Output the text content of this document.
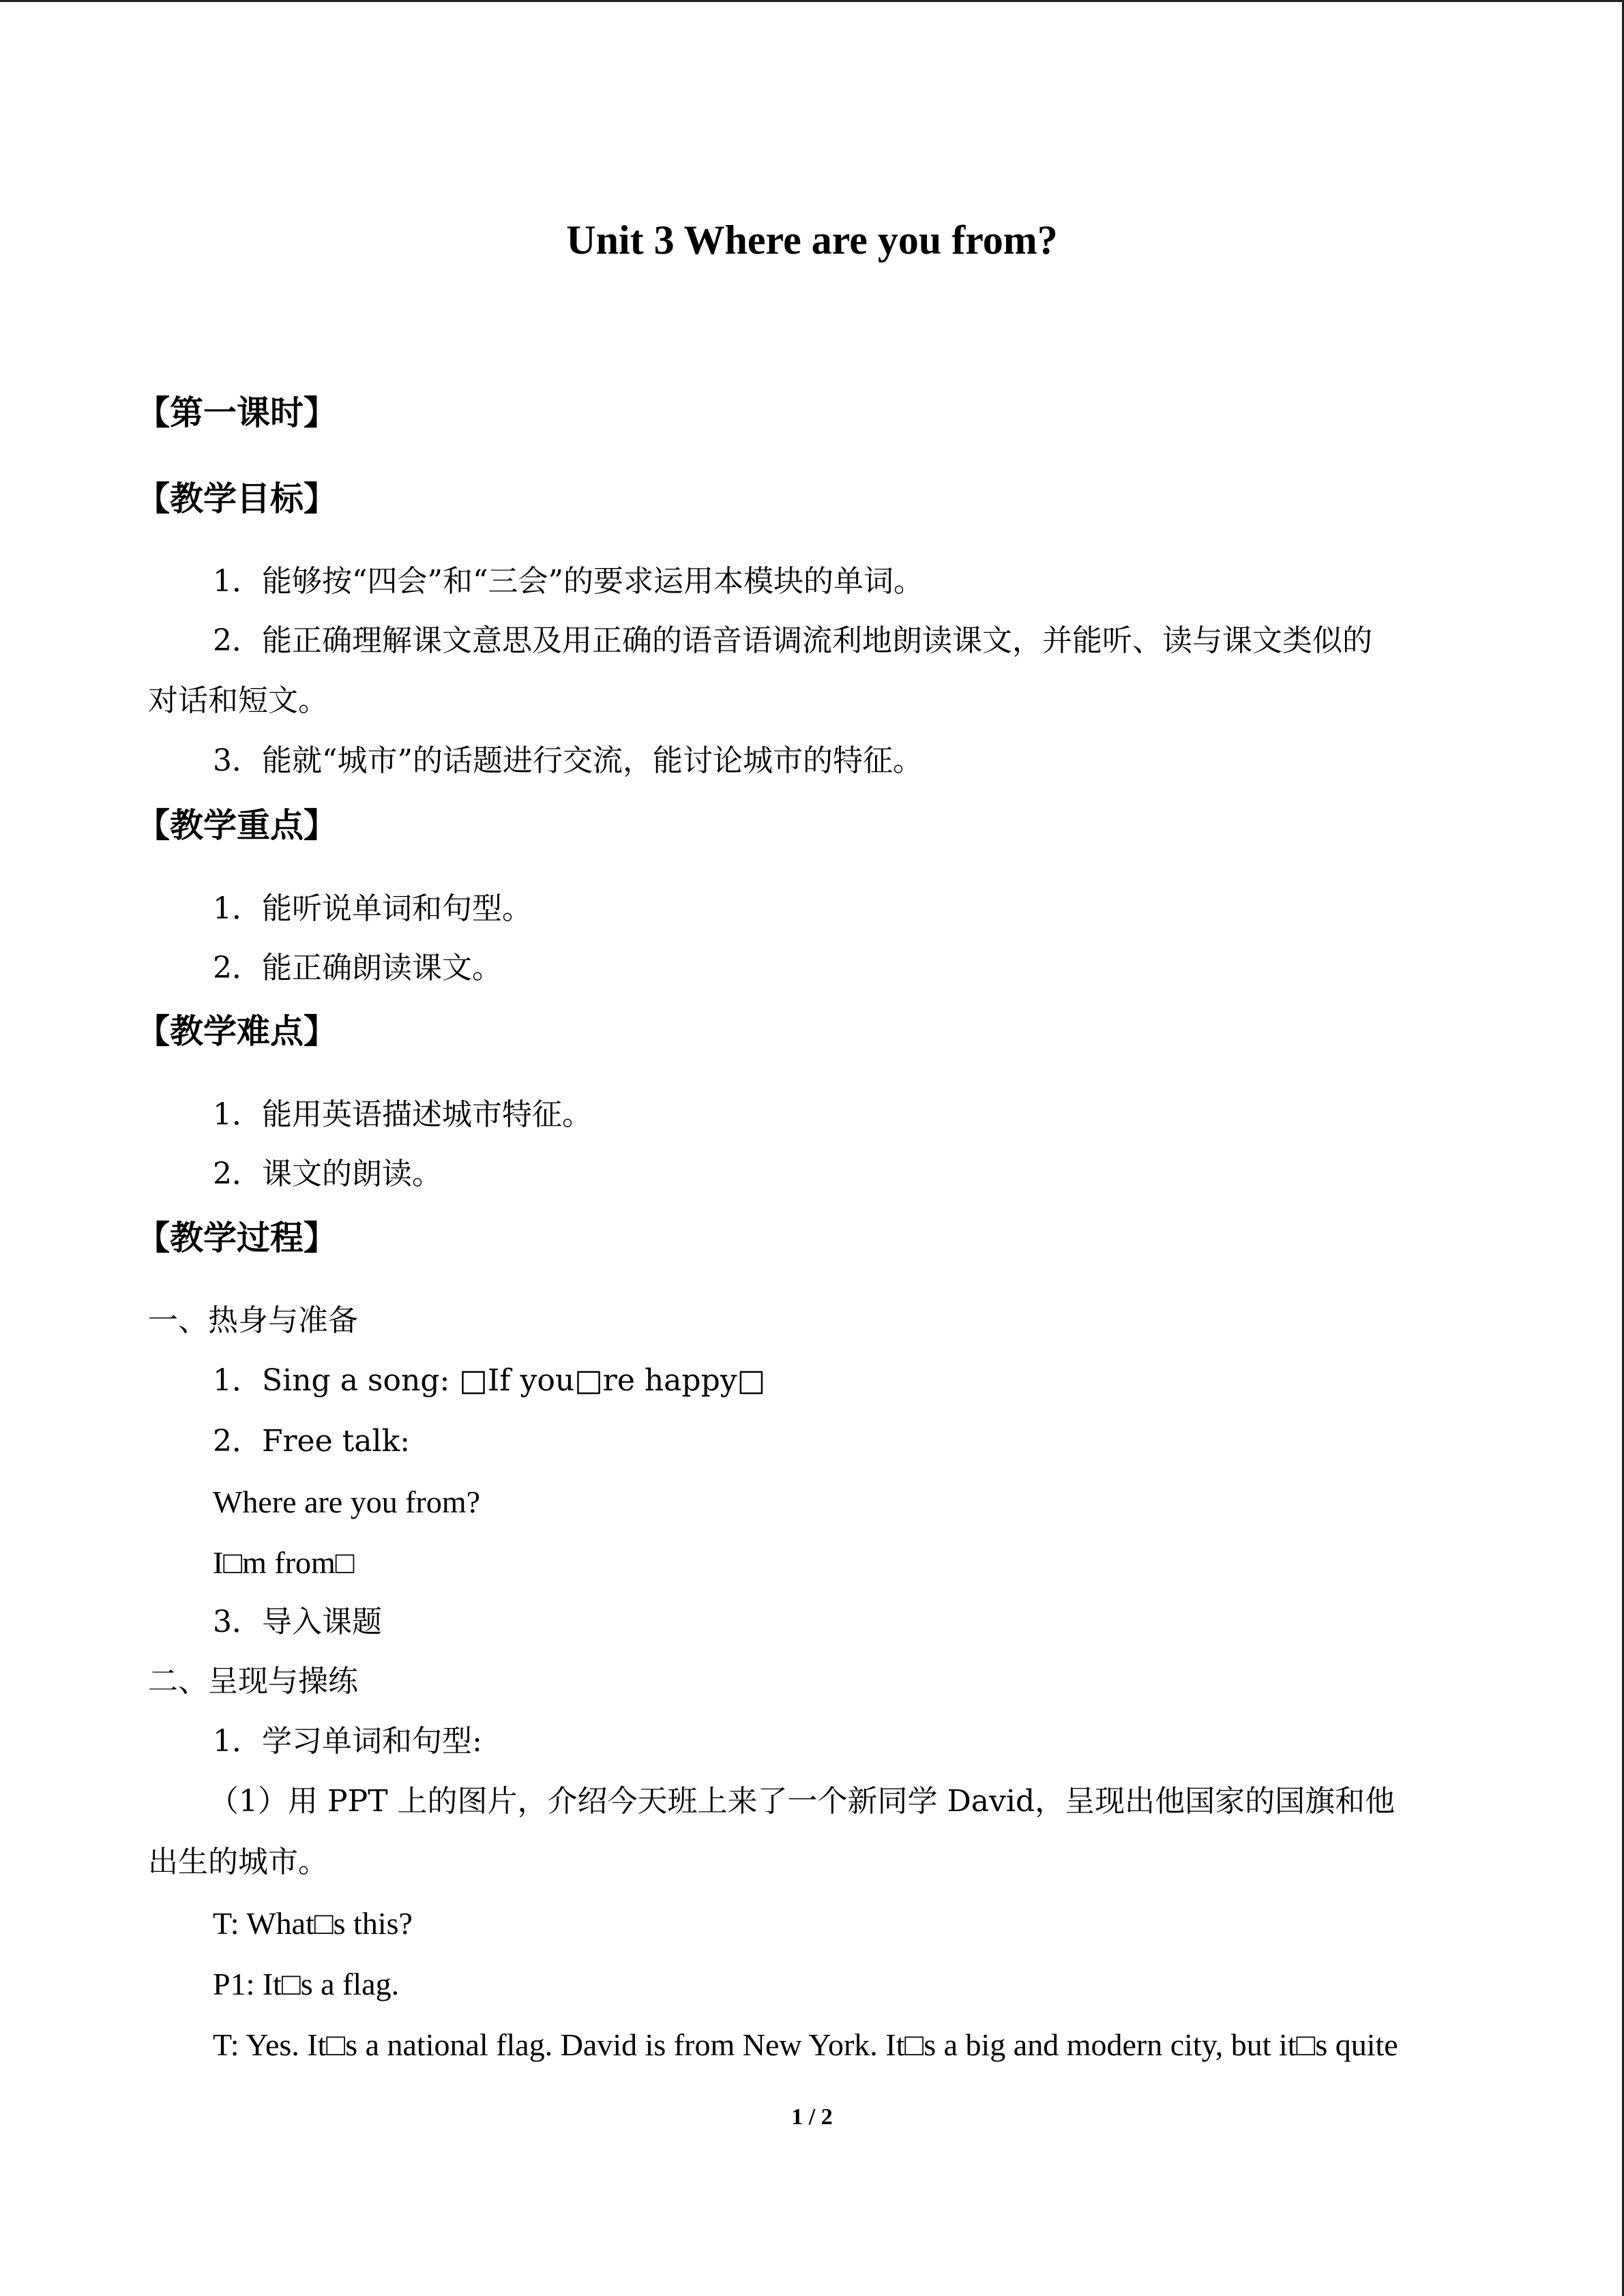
Unit 3 Where are you from?
【第一课时】
【教学目标】
1．能够按“四会”和“三会”的要求运用本模块的单词。
2．能正确理解课文意思及用正确的语音语调流利地朗读课文，并能听、读与课文类似的
对话和短文。
3．能就“城市”的话题进行交流，能讨论城市的特征。
【教学重点】
1．能听说单词和句型。
2．能正确朗读课文。
【教学难点】
1．能用英语描述城市特征。
2．课文的朗读。
【教学过程】
一、热身与准备
1．Sing a song: □If you□re happy□
2．Free talk:
Where are you from?
I□m from□
3．导入课题
二、呈现与操练
1．学习单词和句型:
（1）用 PPT 上的图片，介绍今天班上来了一个新同学 David，呈现出他国家的国旗和他
出生的城市。
T: What□s this?
P1: It□s a flag.
T: Yes. It□s a national flag. David is from New York. It□s a big and modern city, but it□s quite
1 / 2
